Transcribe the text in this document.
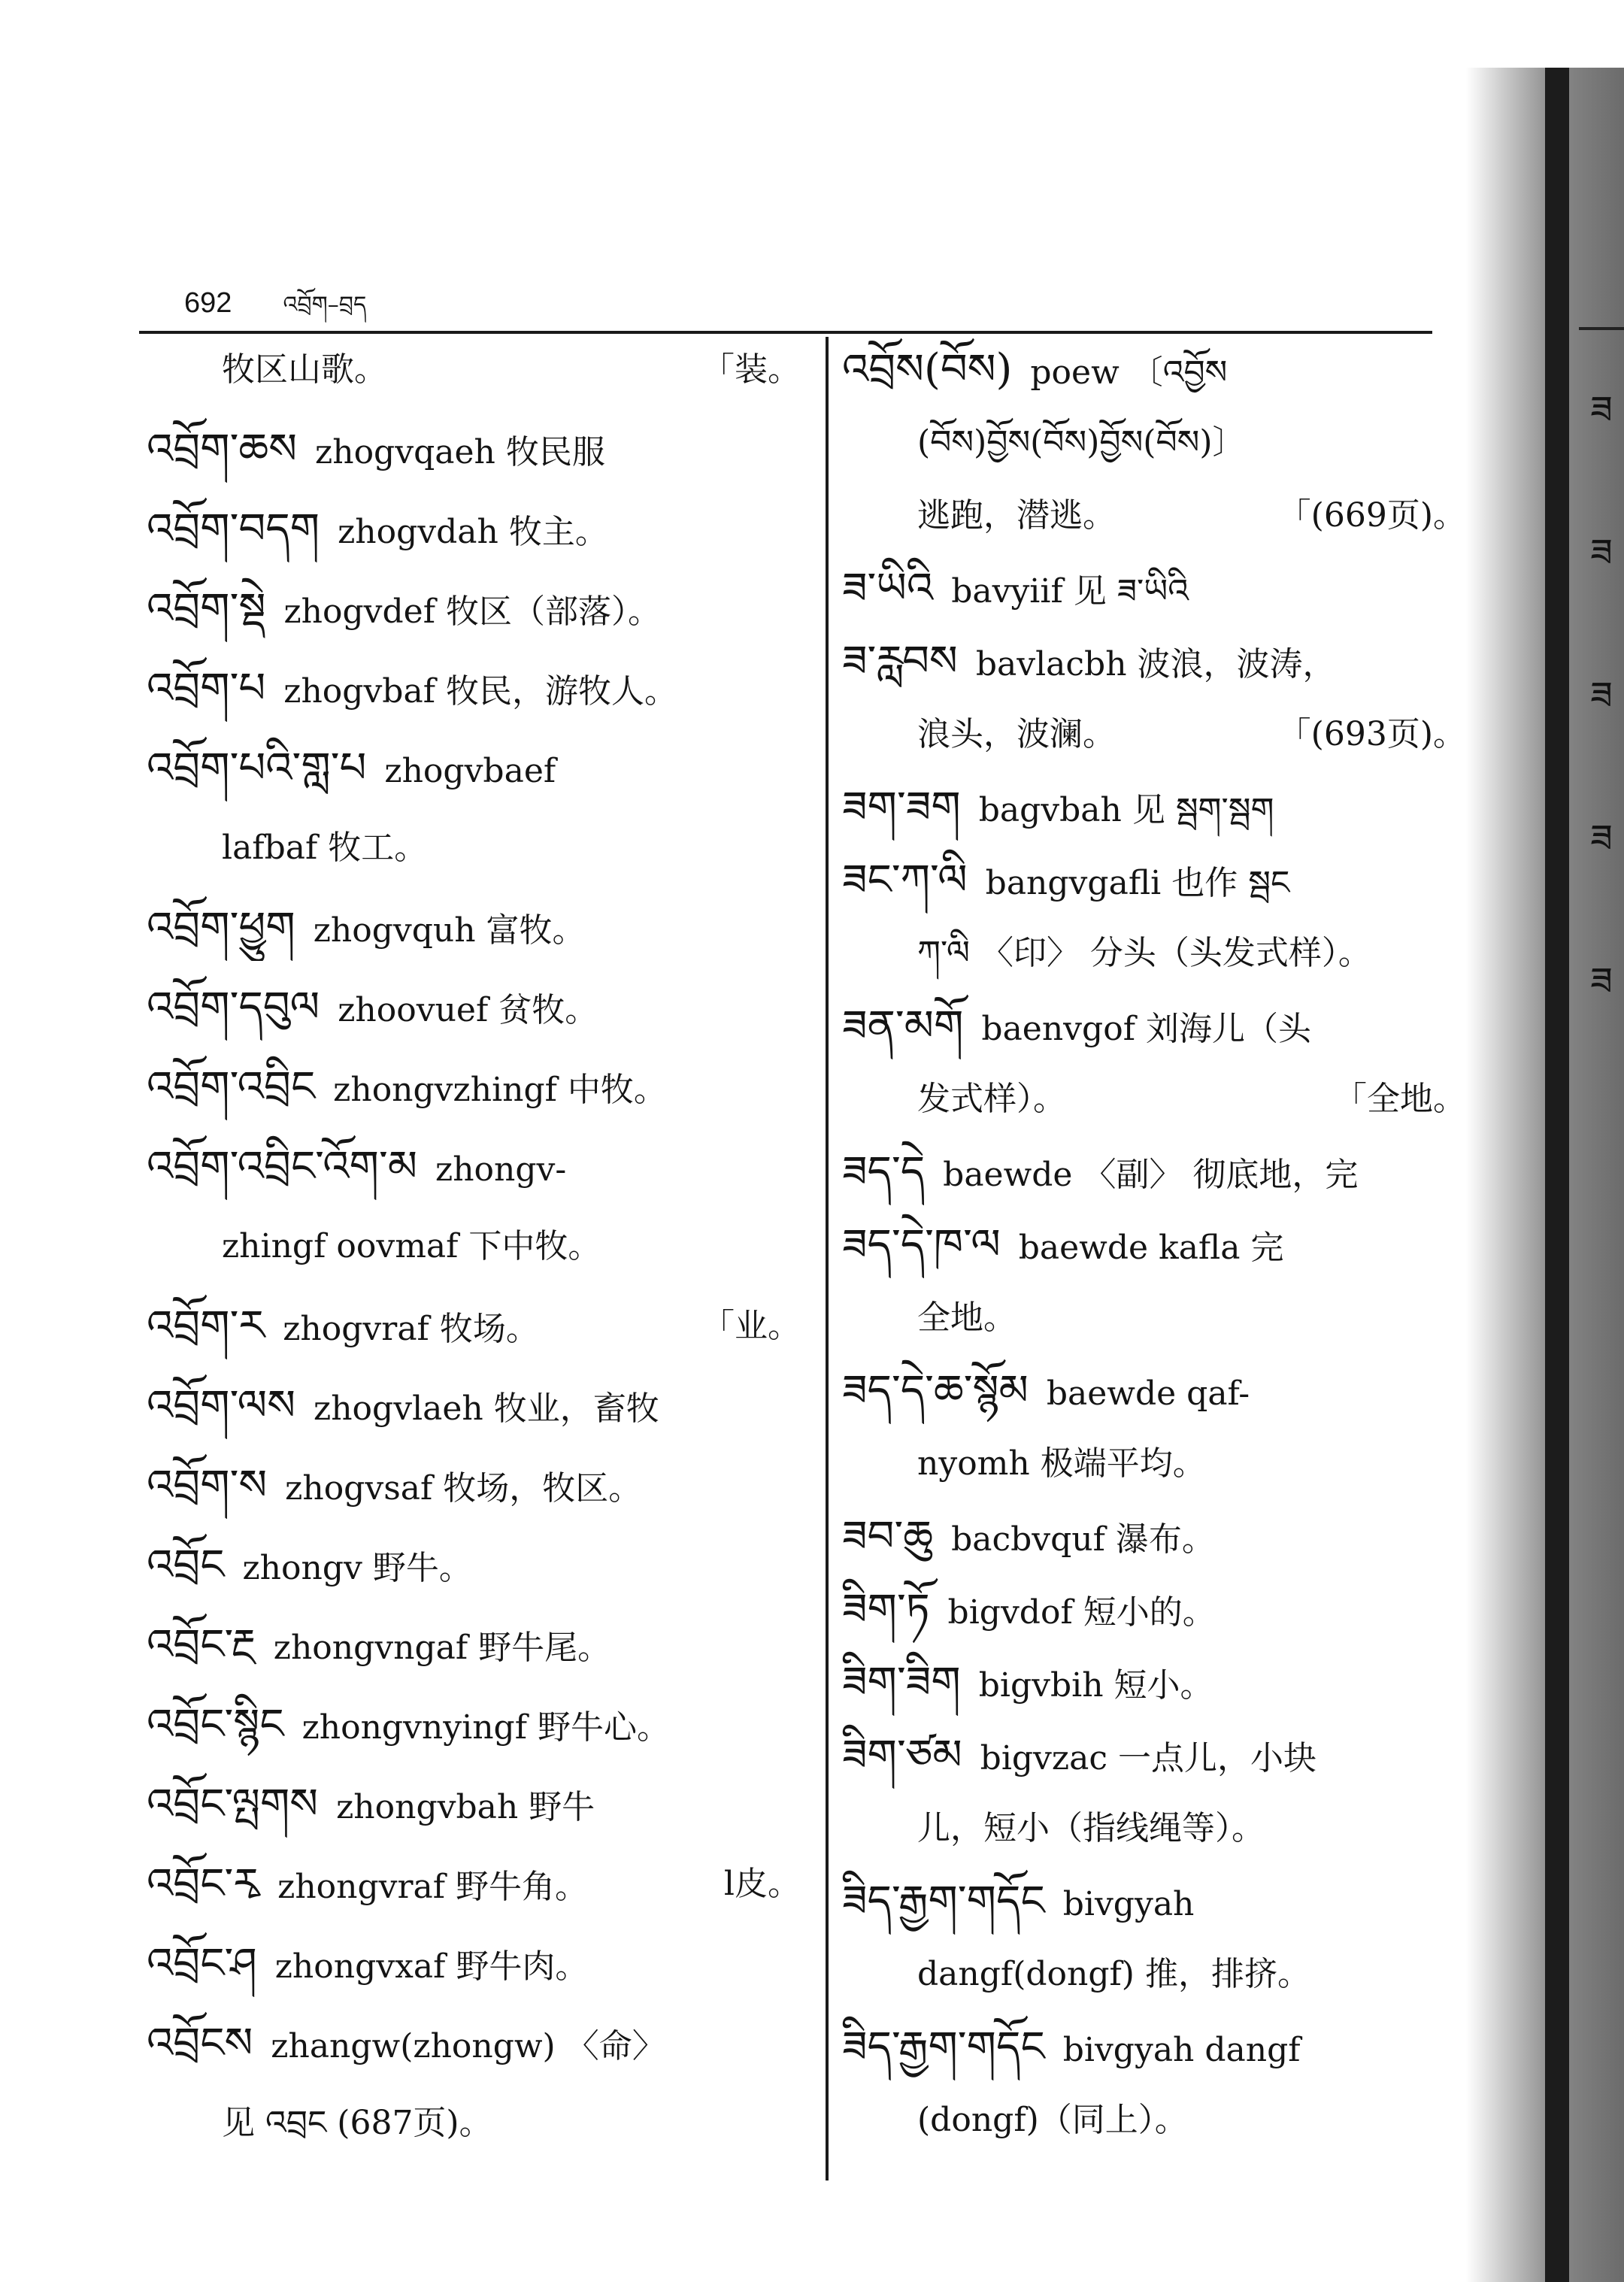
692 འབྲོག–བྲད
「装。
牧区山歌。
འབྲོག་ཆས zhogvqaeh 牧民服
འབྲོག་བདག zhogvdah 牧主。
འབྲོག་སྡེ zhogvdef 牧区（部落）。
འབྲོག་པ zhogvbaf 牧民，游牧人。
འབྲོག་པའི་གླ་པ zhogvbaef
lafbaf 牧工。
འབྲོག་ཕྱུག zhogvquh 富牧。
འབྲོག་དབུལ zhoovuef 贫牧。
འབྲོག་འབྲིང zhongvzhingf 中牧。
འབྲོག་འབྲིང་འོག་མ zhongv-
zhingf oovmaf 下中牧。
「业。
འབྲོག་ར zhogvraf 牧场。
འབྲོག་ལས zhogvlaeh 牧业，畜牧
འབྲོག་ས zhogvsaf 牧场，牧区。
འབྲོང zhongv 野牛。
འབྲོང་རྔ zhongvngaf 野牛尾。
འབྲོང་སྙིང zhongvnyingf 野牛心。
འབྲོང་ལྤགས zhongvbah 野牛
l皮。
འབྲོང་རྭ zhongvraf 野牛角。
འབྲོང་ཤ zhongvxaf 野牛肉。
འབྲོངས zhangw(zhongw) 〈命〉
见 འབྲང (687页)。
འབྲོས(བོས) poew 〔འབྱོས
(བོས)བྱོས(བོས)བྱོས(བོས)〕
「(669页)。
逃跑，潜逃。
ཟ་ཡིའི bavyiif 见 ཟ་ཡིའི
ཟ་རླབས bavlacbh 波浪，波涛，
「(693页)。
浪头，波澜。
ཟག་ཟག bagvbah 见 སྦག་སྦག
ཟང་ཀ་ལི bangvgafli 也作 སྦང
ཀ་ལི 〈印〉 分头（头发式样）。
ཟན་མགོ baenvgof 刘海儿（头
「全地。
发式样）。
ཟད་དེ baewde 〈副〉 彻底地，完
ཟད་དེ་ཁ་ལ baewde kafla 完
全地。
ཟད་དེ་ཆ་སྙོམ baewde qaf-
nyomh 极端平均。
ཟབ་ཆུ bacbvquf 瀑布。
ཟིག་ཏོ bigvdof 短小的。
ཟིག་ཟིག bigvbih 短小。
ཟིག་ཙམ bigvzac 一点儿，小块
儿，短小（指线绳等）。
ཟིད་རྒྱག་གདོང bivgyah
dangf(dongf) 推，排挤。
ཟིད་རྒྱག་གདོང bivgyah dangf
(dongf)（同上）。
ཟ
ཟ
ཟ
ཟ
ཟ
